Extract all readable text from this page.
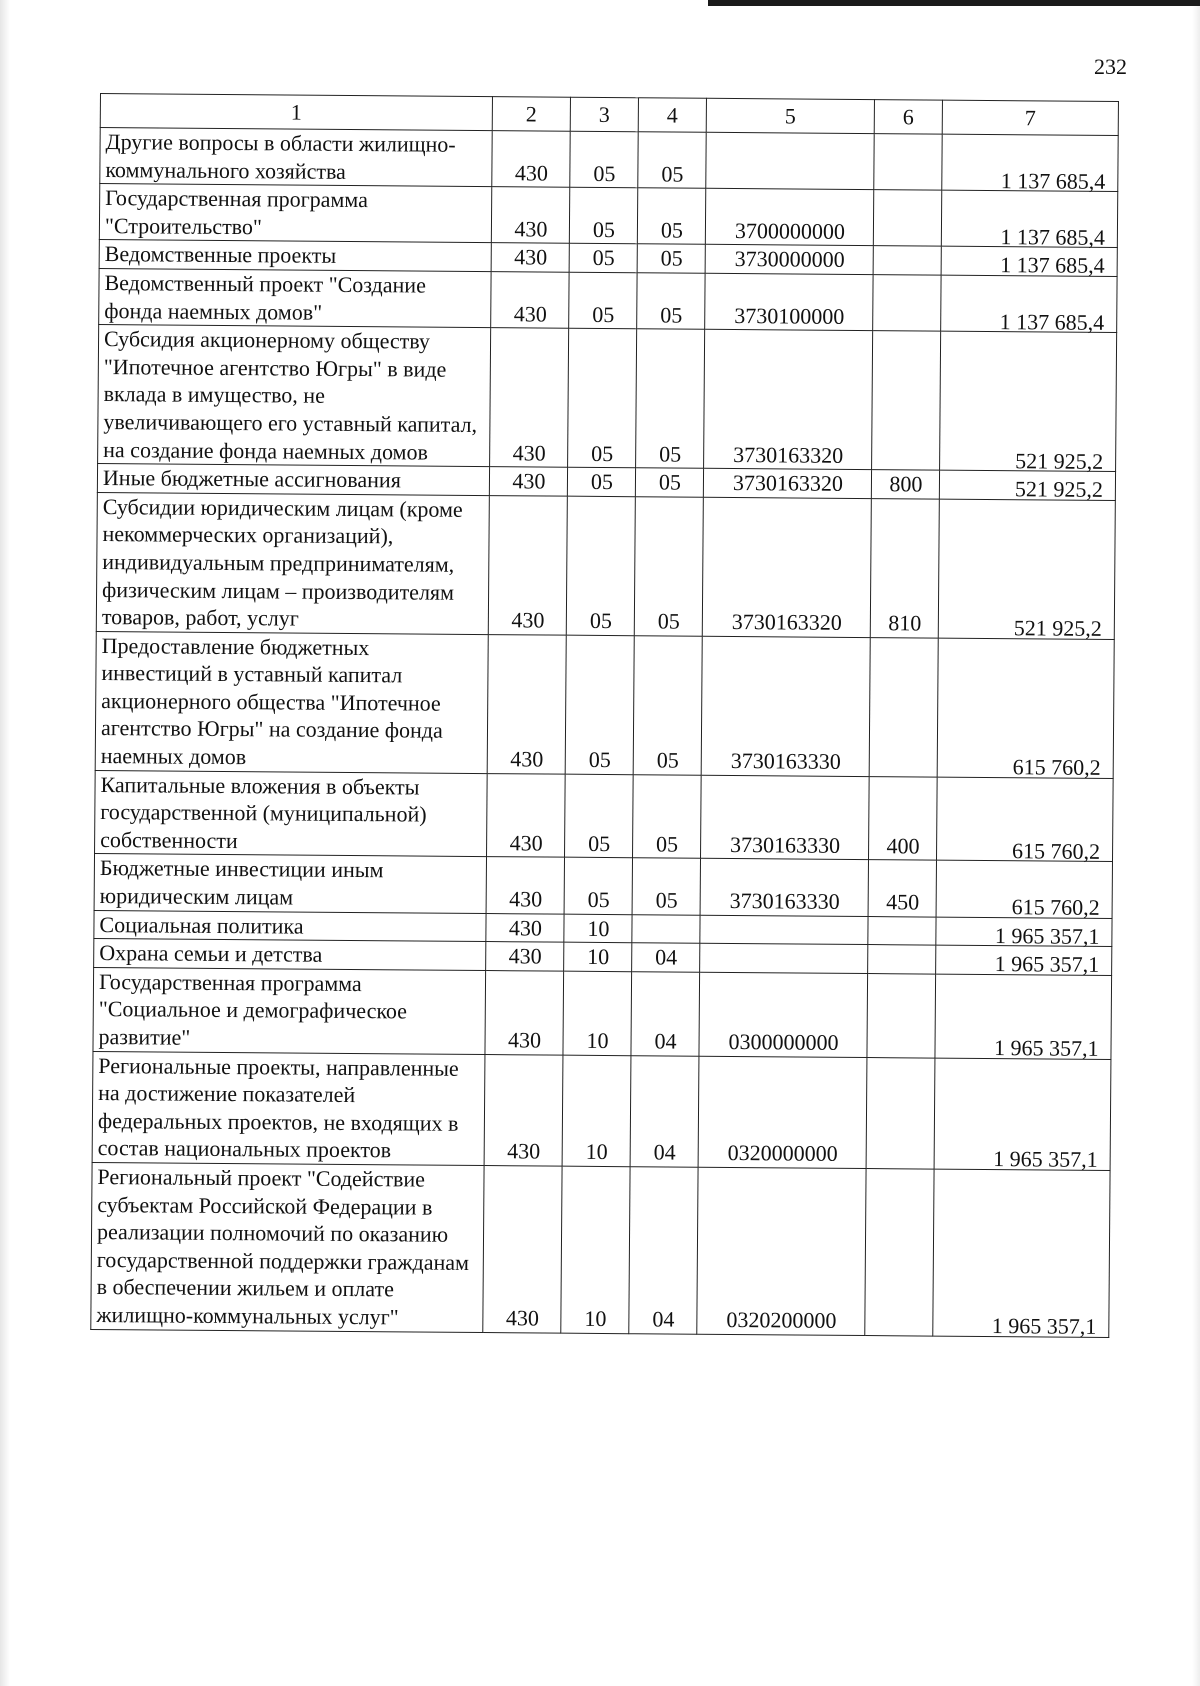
232
1	2	3	4	5	6	7
Другие вопросы в области жилищно-коммунального хозяйства	430	05	05			1 137 685,4
Государственная программа "Строительство"	430	05	05	3700000000		1 137 685,4
Ведомственные проекты	430	05	05	3730000000		1 137 685,4
Ведомственный проект "Создание фонда наемных домов"	430	05	05	3730100000		1 137 685,4
Субсидия акционерному обществу "Ипотечное агентство Югры" в виде вклада в имущество, не увеличивающего его уставный капитал, на создание фонда наемных домов	430	05	05	3730163320		521 925,2
Иные бюджетные ассигнования	430	05	05	3730163320	800	521 925,2
Субсидии юридическим лицам (кроме некоммерческих организаций), индивидуальным предпринимателям, физическим лицам – производителям товаров, работ, услуг	430	05	05	3730163320	810	521 925,2
Предоставление бюджетных инвестиций в уставный капитал акционерного общества "Ипотечное агентство Югры" на создание фонда наемных домов	430	05	05	3730163330		615 760,2
Капитальные вложения в объекты государственной (муниципальной) собственности	430	05	05	3730163330	400	615 760,2
Бюджетные инвестиции иным юридическим лицам	430	05	05	3730163330	450	615 760,2
Социальная политика	430	10				1 965 357,1
Охрана семьи и детства	430	10	04			1 965 357,1
Государственная программа "Социальное и демографическое развитие"	430	10	04	0300000000		1 965 357,1
Региональные проекты, направленные на достижение показателей федеральных проектов, не входящих в состав национальных проектов	430	10	04	0320000000		1 965 357,1
Региональный проект "Содействие субъектам Российской Федерации в реализации полномочий по оказанию государственной поддержки гражданам в обеспечении жильем и оплате жилищно-коммунальных услуг"	430	10	04	0320200000		1 965 357,1
